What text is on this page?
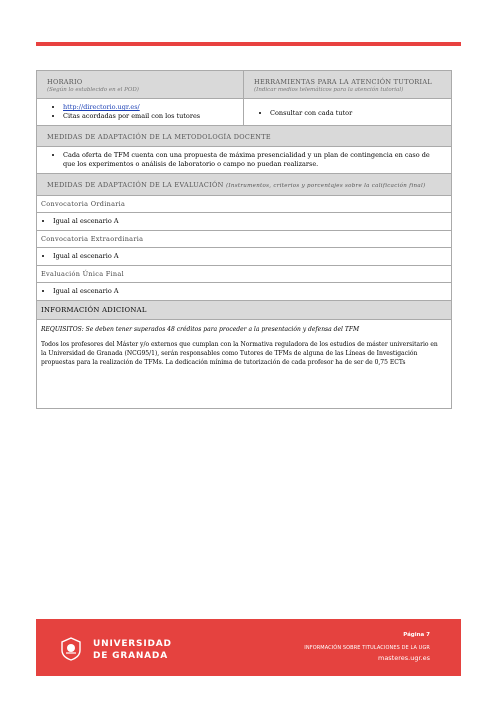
HORARIO
(Según lo establecido en el POD)
HERRAMIENTAS PARA LA ATENCIÓN TUTORIAL
(Indicar medios telemáticos para la atención tutorial)
• http://directorio.ugr.es/
• Citas acordadas por email con los tutores
•	Consultar con cada tutor
MEDIDAS DE ADAPTACIÓN DE LA METODOLOGÍA DOCENTE
• Cada oferta de TFM cuenta con una propuesta de máxima presencialidad y un plan de contingencia en caso de que los experimentos o análisis de laboratorio o campo no puedan realizarse.
MEDIDAS DE ADAPTACIÓN DE LA EVALUACIÓN (Instrumentos, criterios y porcentajes sobre la calificación final)
Convocatoria Ordinaria
• Igual al escenario A
Convocatoria Extraordinaria
• Igual al escenario A
Evaluación Única Final
• Igual al escenario A
INFORMACIÓN ADICIONAL
REQUISITOS: Se deben tener superados 48 créditos para proceder a la presentación y defensa del TFM
Todos los profesores del Máster y/o externos que cumplan con la Normativa reguladora de los estudios de máster universitario en la Universidad de Granada (NCG95/1), serán responsables como Tutores de TFMs de alguna de las Líneas de Investigación propuestas para la realización de TFMs. La dedicación mínima de tutorización de cada profesor ha de ser de 0,75 ECTs
UNIVERSIDAD
DE GRANADA
Página 7
INFORMACIÓN SOBRE TITULACIONES DE LA UGR
masteres.ugr.es
